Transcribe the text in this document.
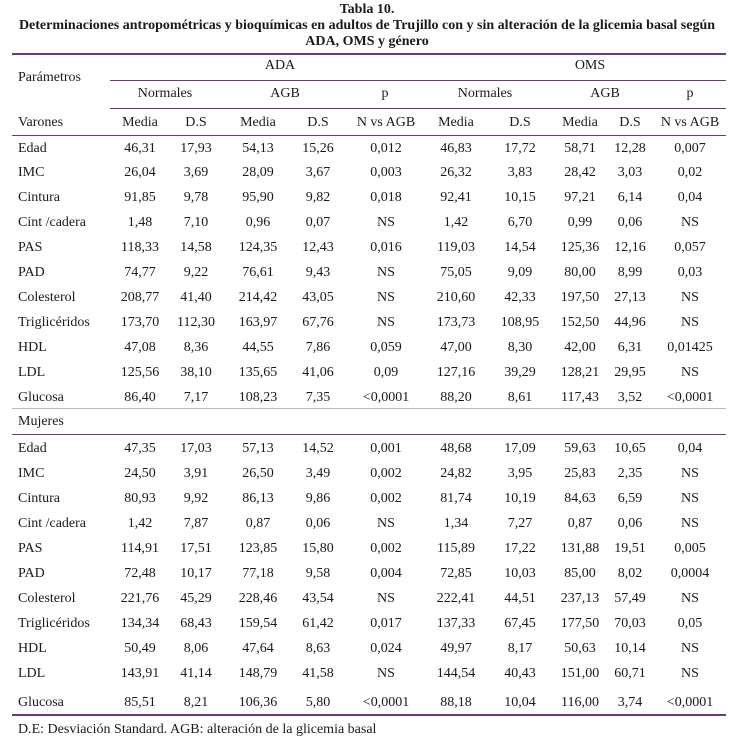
Tabla 10.
Determinaciones antropométricas y bioquímicas en adultos de Trujillo con y sin alteración de la glicemia basal según
ADA, OMS y género
Parámetros
ADA	OMS
Normales	AGB	p	Normales	AGB	p
Varones	Media	D.S	Media	D.S	N vs AGB	Media	D.S	Media	D.S	N vs AGB
Edad	46,31	17,93	54,13	15,26	0,012	46,83	17,72	58,71	12,28	0,007
IMC	26,04	3,69	28,09	3,67	0,003	26,32	3,83	28,42	3,03	0,02
Cintura	91,85	9,78	95,90	9,82	0,018	92,41	10,15	97,21	6,14	0,04
Cint /cadera	1,48	7,10	0,96	0,07	NS	1,42	6,70	0,99	0,06	NS
PAS	118,33	14,58	124,35	12,43	0,016	119,03	14,54	125,36	12,16	0,057
PAD	74,77	9,22	76,61	9,43	NS	75,05	9,09	80,00	8,99	0,03
Colesterol	208,77	41,40	214,42	43,05	NS	210,60	42,33	197,50	27,13	NS
Triglicéridos	173,70	112,30	163,97	67,76	NS	173,73	108,95	152,50	44,96	NS
HDL	47,08	8,36	44,55	7,86	0,059	47,00	8,30	42,00	6,31	0,01425
LDL	125,56	38,10	135,65	41,06	0,09	127,16	39,29	128,21	29,95	NS
Glucosa	86,40	7,17	108,23	7,35	<0,0001	88,20	8,61	117,43	3,52	<0,0001
Mujeres
Edad	47,35	17,03	57,13	14,52	0,001	48,68	17,09	59,63	10,65	0,04
IMC	24,50	3,91	26,50	3,49	0,002	24,82	3,95	25,83	2,35	NS
Cintura	80,93	9,92	86,13	9,86	0,002	81,74	10,19	84,63	6,59	NS
Cint /cadera	1,42	7,87	0,87	0,06	NS	1,34	7,27	0,87	0,06	NS
PAS	114,91	17,51	123,85	15,80	0,002	115,89	17,22	131,88	19,51	0,005
PAD	72,48	10,17	77,18	9,58	0,004	72,85	10,03	85,00	8,02	0,0004
Colesterol	221,76	45,29	228,46	43,54	NS	222,41	44,51	237,13	57,49	NS
Triglicéridos	134,34	68,43	159,54	61,42	0,017	137,33	67,45	177,50	70,03	0,05
HDL	50,49	8,06	47,64	8,63	0,024	49,97	8,17	50,63	10,14	NS
LDL	143,91	41,14	148,79	41,58	NS	144,54	40,43	151,00	60,71	NS
Glucosa	85,51	8,21	106,36	5,80	<0,0001	88,18	10,04	116,00	3,74	<0,0001
D.E: Desviación Standard. AGB: alteración de la glicemia basal
